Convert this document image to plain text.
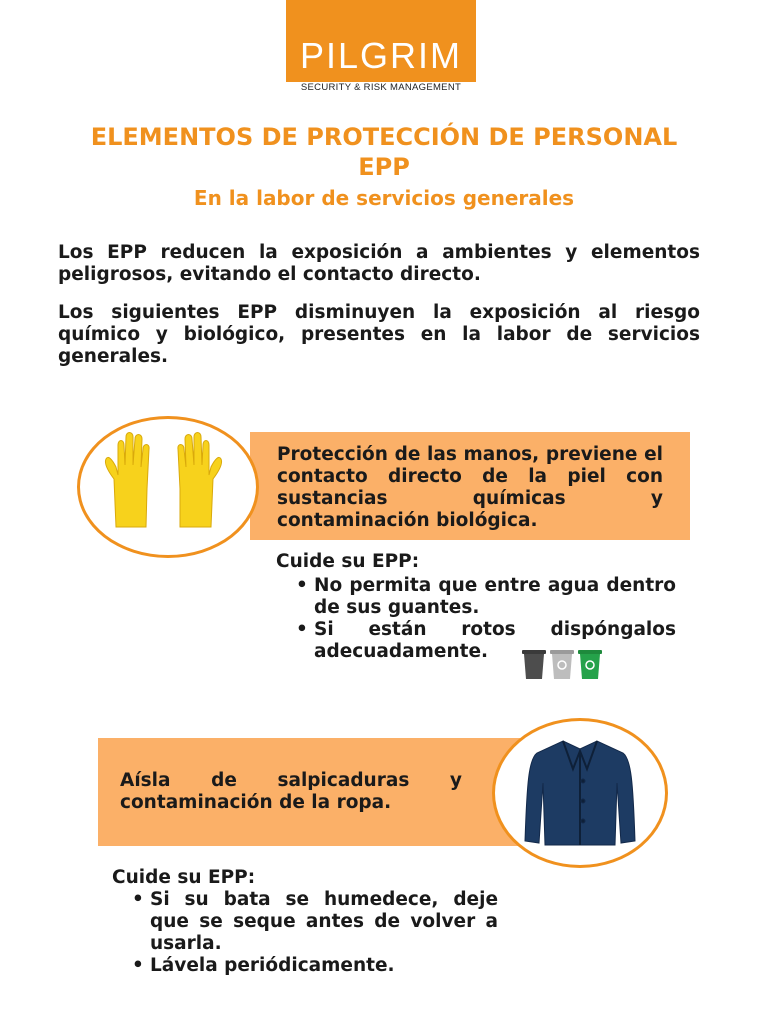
PILGRIM
SECURITY & RISK MANAGEMENT
ELEMENTOS DE PROTECCIÓN DE PERSONAL
EPP
En la labor de servicios generales
Los EPP reducen la exposición a ambientes y elementos peligrosos, evitando el contacto directo.
Los siguientes EPP disminuyen la exposición al riesgo químico y biológico, presentes en la labor de servicios generales.
Protección de las manos, previene el contacto directo de la piel con sustancias químicas y contaminación biológica.
Cuide su EPP:
• No permita que entre agua dentro de sus guantes.
• Si están rotos dispóngalos adecuadamente.
Aísla de salpicaduras y contaminación de la ropa.
Cuide su EPP:
• Si su bata se humedece, deje que se seque antes de volver a usarla.
• Lávela periódicamente.
